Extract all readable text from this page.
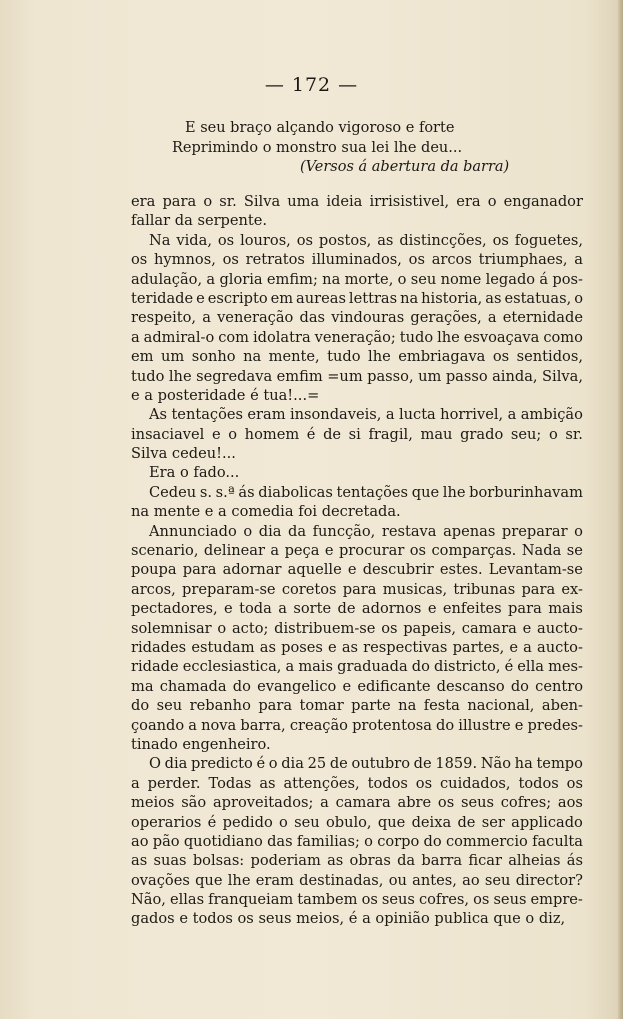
— 172 —
E seu braço alçando vigoroso e forte
Reprimindo o monstro sua lei lhe deu...
(Versos á abertura da barra)
era para o sr. Silva uma ideia irrisistivel, era o enganador
fallar da serpente.
Na vida, os louros, os postos, as distincções, os foguetes,
os hymnos, os retratos illuminados, os arcos triumphaes, a
adulação, a gloria emfim; na morte, o seu nome legado á pos-
teridade e escripto em aureas lettras na historia, as estatuas, o
respeito, a veneração das vindouras gerações, a eternidade
a admiral-o com idolatra veneração; tudo lhe esvoaçava como
em um sonho na mente, tudo lhe embriagava os sentidos,
tudo lhe segredava emfim =um passo, um passo ainda, Silva,
e a posteridade é tua!...=
As tentações eram insondaveis, a lucta horrivel, a ambição
insaciavel e o homem é de si fragil, mau grado seu; o sr.
Silva cedeu!...
Era o fado...
Cedeu s. s.ª ás diabolicas tentações que lhe borburinhavam
na mente e a comedia foi decretada.
Annunciado o dia da funcção, restava apenas preparar o
scenario, delinear a peça e procurar os comparças. Nada se
poupa para adornar aquelle e descubrir estes. Levantam-se
arcos, preparam-se coretos para musicas, tribunas para ex-
pectadores, e toda a sorte de adornos e enfeites para mais
solemnisar o acto; distribuem-se os papeis, camara e aucto-
ridades estudam as poses e as respectivas partes, e a aucto-
ridade ecclesiastica, a mais graduada do districto, é ella mes-
ma chamada do evangelico e edificante descanso do centro
do seu rebanho para tomar parte na festa nacional, aben-
çoando a nova barra, creação protentosa do illustre e predes-
tinado engenheiro.
O dia predicto é o dia 25 de outubro de 1859. Não ha tempo
a perder. Todas as attenções, todos os cuidados, todos os
meios são aproveitados; a camara abre os seus cofres; aos
operarios é pedido o seu obulo, que deixa de ser applicado
ao pão quotidiano das familias; o corpo do commercio faculta
as suas bolsas: poderiam as obras da barra ficar alheias ás
ovações que lhe eram destinadas, ou antes, ao seu director?
Não, ellas franqueiam tambem os seus cofres, os seus empre-
gados e todos os seus meios, é a opinião publica que o diz,
